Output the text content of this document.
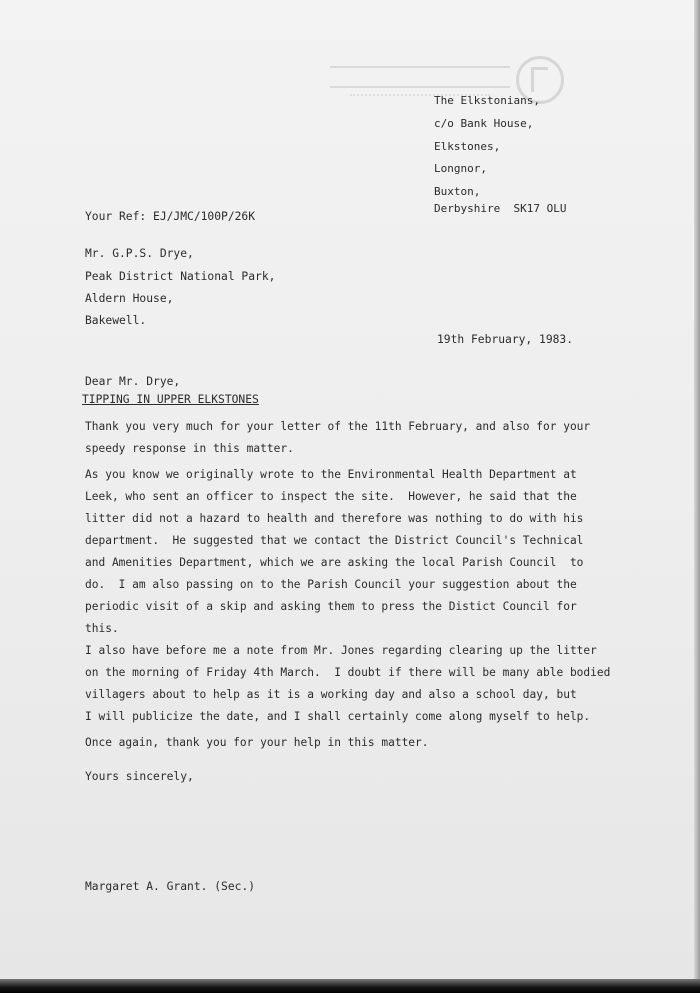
The Elkstonians,
c/o Bank House,
Elkstones,
Longnor,
Buxton,
Derbyshire  SK17 OLU
Your Ref: EJ/JMC/100P/26K
Mr. G.P.S. Drye,
Peak District National Park,
Aldern House,
Bakewell.
19th February, 1983.
Dear Mr. Drye,
TIPPING IN UPPER ELKSTONES
Thank you very much for your letter of the 11th February, and also for your
speedy response in this matter.
As you know we originally wrote to the Environmental Health Department at
Leek, who sent an officer to inspect the site.  However, he said that the
litter did not a hazard to health and therefore was nothing to do with his
department.  He suggested that we contact the District Council's Technical
and Amenities Department, which we are asking the local Parish Council  to
do.  I am also passing on to the Parish Council your suggestion about the
periodic visit of a skip and asking them to press the Distict Council for
this.
I also have before me a note from Mr. Jones regarding clearing up the litter
on the morning of Friday 4th March.  I doubt if there will be many able bodied
villagers about to help as it is a working day and also a school day, but
I will publicize the date, and I shall certainly come along myself to help.
Once again, thank you for your help in this matter.
Yours sincerely,
Margaret A. Grant. (Sec.)
